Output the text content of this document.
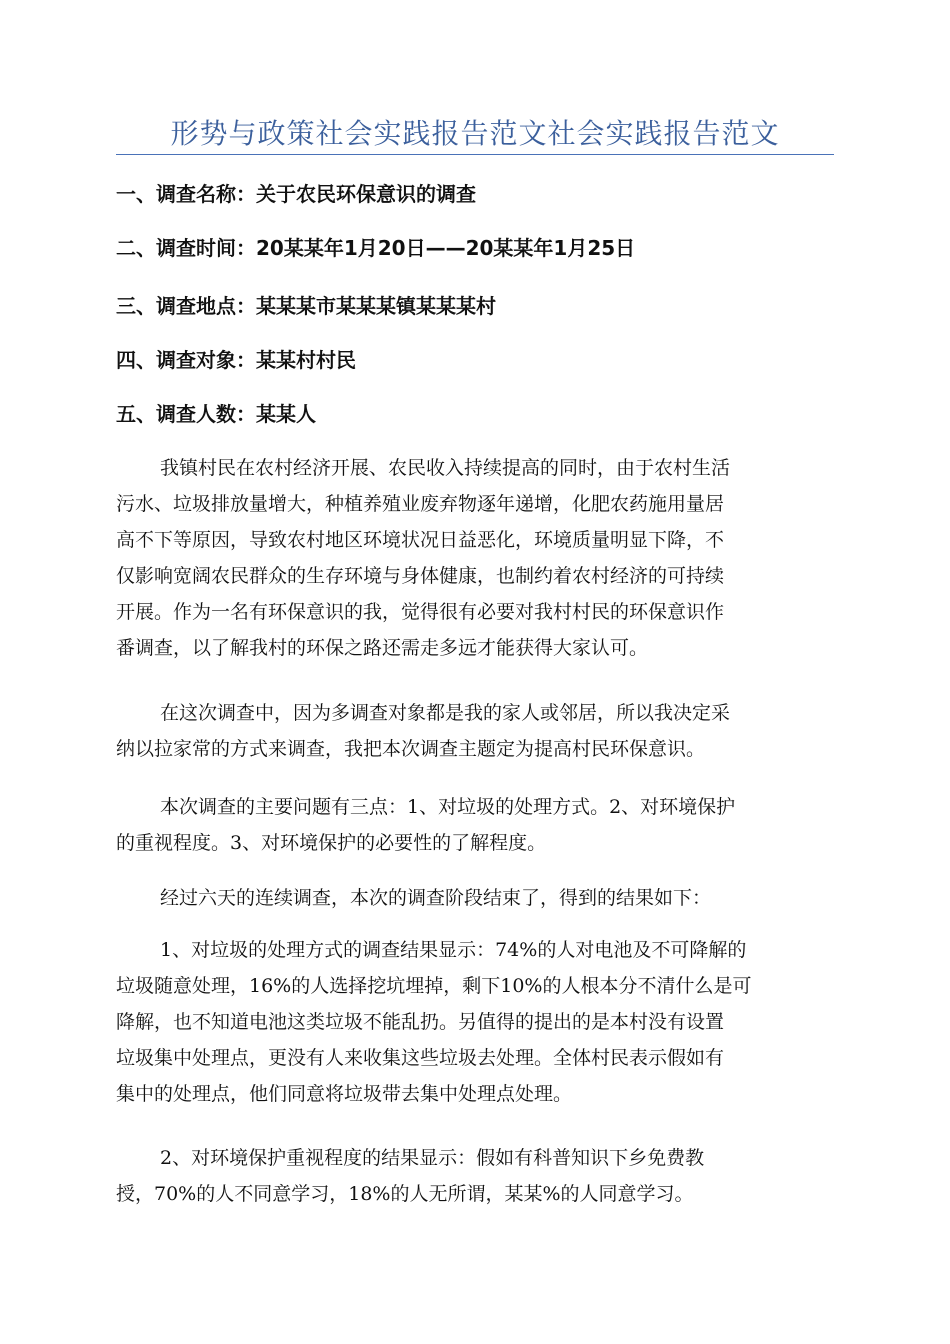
形势与政策社会实践报告范文社会实践报告范文
一、调查名称：关于农民环保意识的调查
二、调查时间：20某某年1月20日——20某某年1月25日
三、调查地点：某某某市某某某镇某某某村
四、调查对象：某某村村民
五、调查人数：某某人
我镇村民在农村经济开展、农民收入持续提高的同时，由于农村生活
污水、垃圾排放量增大，种植养殖业废弃物逐年递增，化肥农药施用量居
高不下等原因，导致农村地区环境状况日益恶化，环境质量明显下降，不
仅影响宽阔农民群众的生存环境与身体健康，也制约着农村经济的可持续
开展。作为一名有环保意识的我，觉得很有必要对我村村民的环保意识作
番调查，以了解我村的环保之路还需走多远才能获得大家认可。
在这次调查中，因为多调查对象都是我的家人或邻居，所以我决定采
纳以拉家常的方式来调查，我把本次调查主题定为提高村民环保意识。
本次调查的主要问题有三点：1、对垃圾的处理方式。2、对环境保护
的重视程度。3、对环境保护的必要性的了解程度。
经过六天的连续调查，本次的调查阶段结束了，得到的结果如下：
1、对垃圾的处理方式的调查结果显示：74%的人对电池及不可降解的
垃圾随意处理，16%的人选择挖坑埋掉，剩下10%的人根本分不清什么是可
降解，也不知道电池这类垃圾不能乱扔。另值得的提出的是本村没有设置
垃圾集中处理点，更没有人来收集这些垃圾去处理。全体村民表示假如有
集中的处理点，他们同意将垃圾带去集中处理点处理。
2、对环境保护重视程度的结果显示：假如有科普知识下乡免费教
授，70%的人不同意学习，18%的人无所谓，某某%的人同意学习。
